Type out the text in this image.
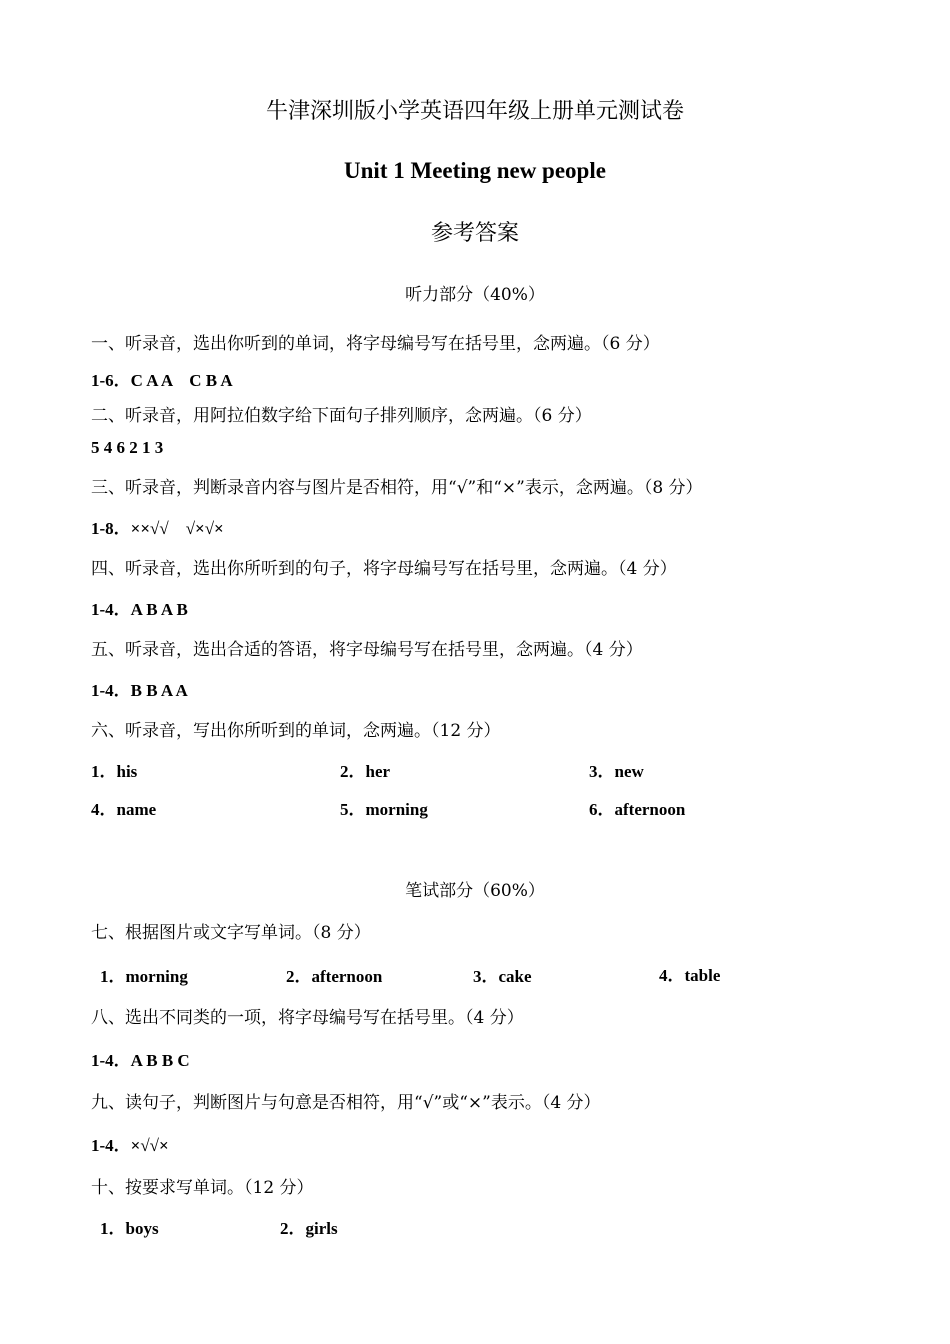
牛津深圳版小学英语四年级上册单元测试卷
Unit 1 Meeting new people
参考答案
听力部分（40%）
一、听录音，选出你听到的单词，将字母编号写在括号里，念两遍。（6 分）
1-6．C A A　C B A
二、听录音，用阿拉伯数字给下面句子排列顺序，念两遍。（6 分）
5 4 6 2 1 3
三、听录音，判断录音内容与图片是否相符，用“√”和“×”表示，念两遍。（8 分）
1-8．××√√　√×√×
四、听录音，选出你所听到的句子，将字母编号写在括号里，念两遍。（4 分）
1-4．A B A B
五、听录音，选出合适的答语，将字母编号写在括号里，念两遍。（4 分）
1-4．B B A A
六、听录音，写出你所听到的单词，念两遍。（12 分）
1．his	2．her	3．new
4．name	5．morning	6．afternoon
笔试部分（60%）
七、根据图片或文字写单词。（8 分）
1．morning	2．afternoon	3．cake	4．table
八、选出不同类的一项，将字母编号写在括号里。（4 分）
1-4．A B B C
九、读句子，判断图片与句意是否相符，用“√”或“×”表示。（4 分）
1-4．×√√×
十、按要求写单词。（12 分）
1．boys	2．girls
